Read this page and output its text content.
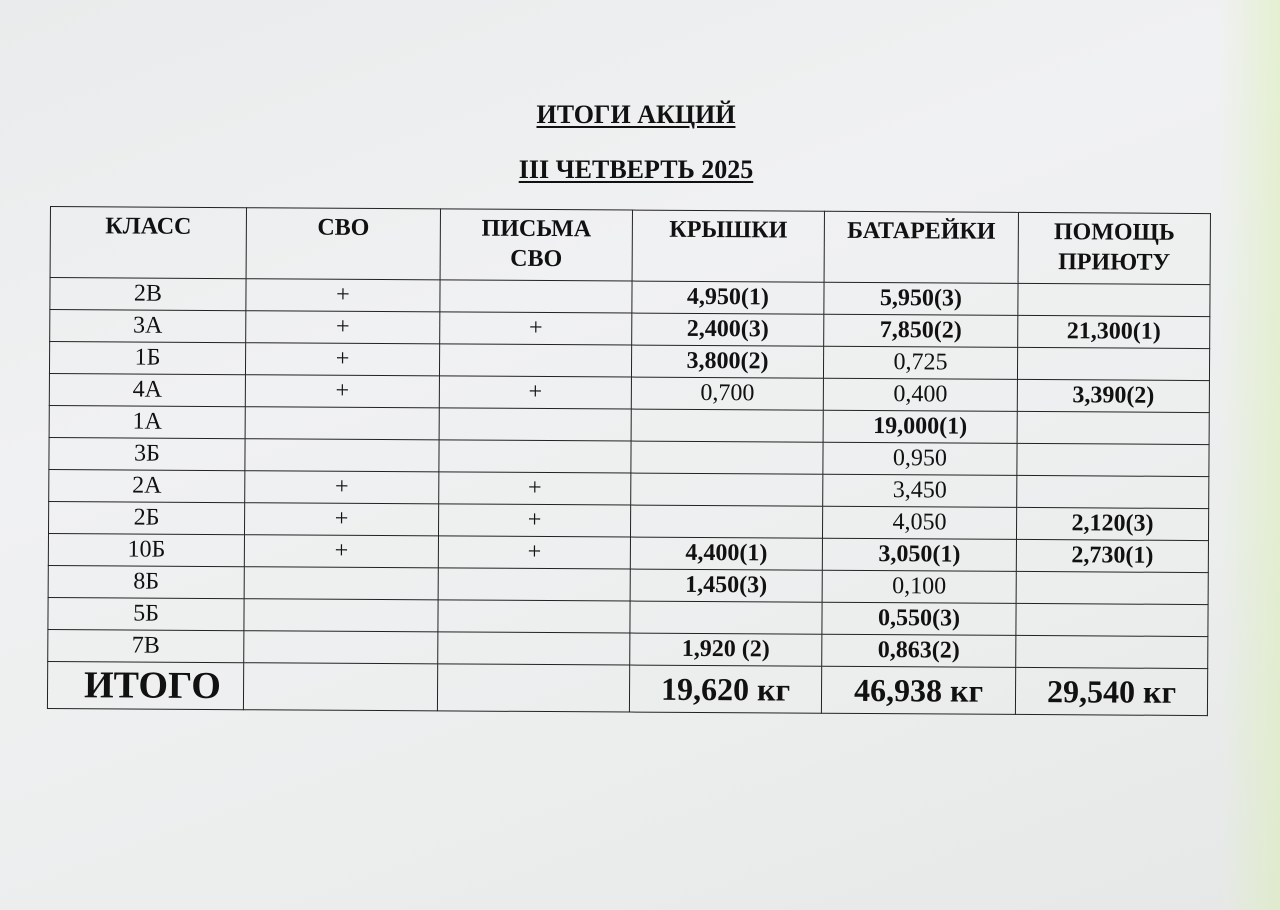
ИТОГИ АКЦИЙ
III ЧЕТВЕРТЬ 2025
КЛАСС	СВО	ПИСЬМА СВО	КРЫШКИ	БАТАРЕЙКИ	ПОМОЩЬ ПРИЮТУ
2В	+		4,950(1)	5,950(3)	
3А	+	+	2,400(3)	7,850(2)	21,300(1)
1Б	+		3,800(2)	0,725	
4А	+	+	0,700	0,400	3,390(2)
1А				19,000(1)	
3Б				0,950	
2А	+	+		3,450	
2Б	+	+		4,050	2,120(3)
10Б	+	+	4,400(1)	3,050(1)	2,730(1)
8Б			1,450(3)	0,100	
5Б				0,550(3)	
7В			1,920 (2)	0,863(2)	
ИТОГО			19,620 кг	46,938 кг	29,540 кг
